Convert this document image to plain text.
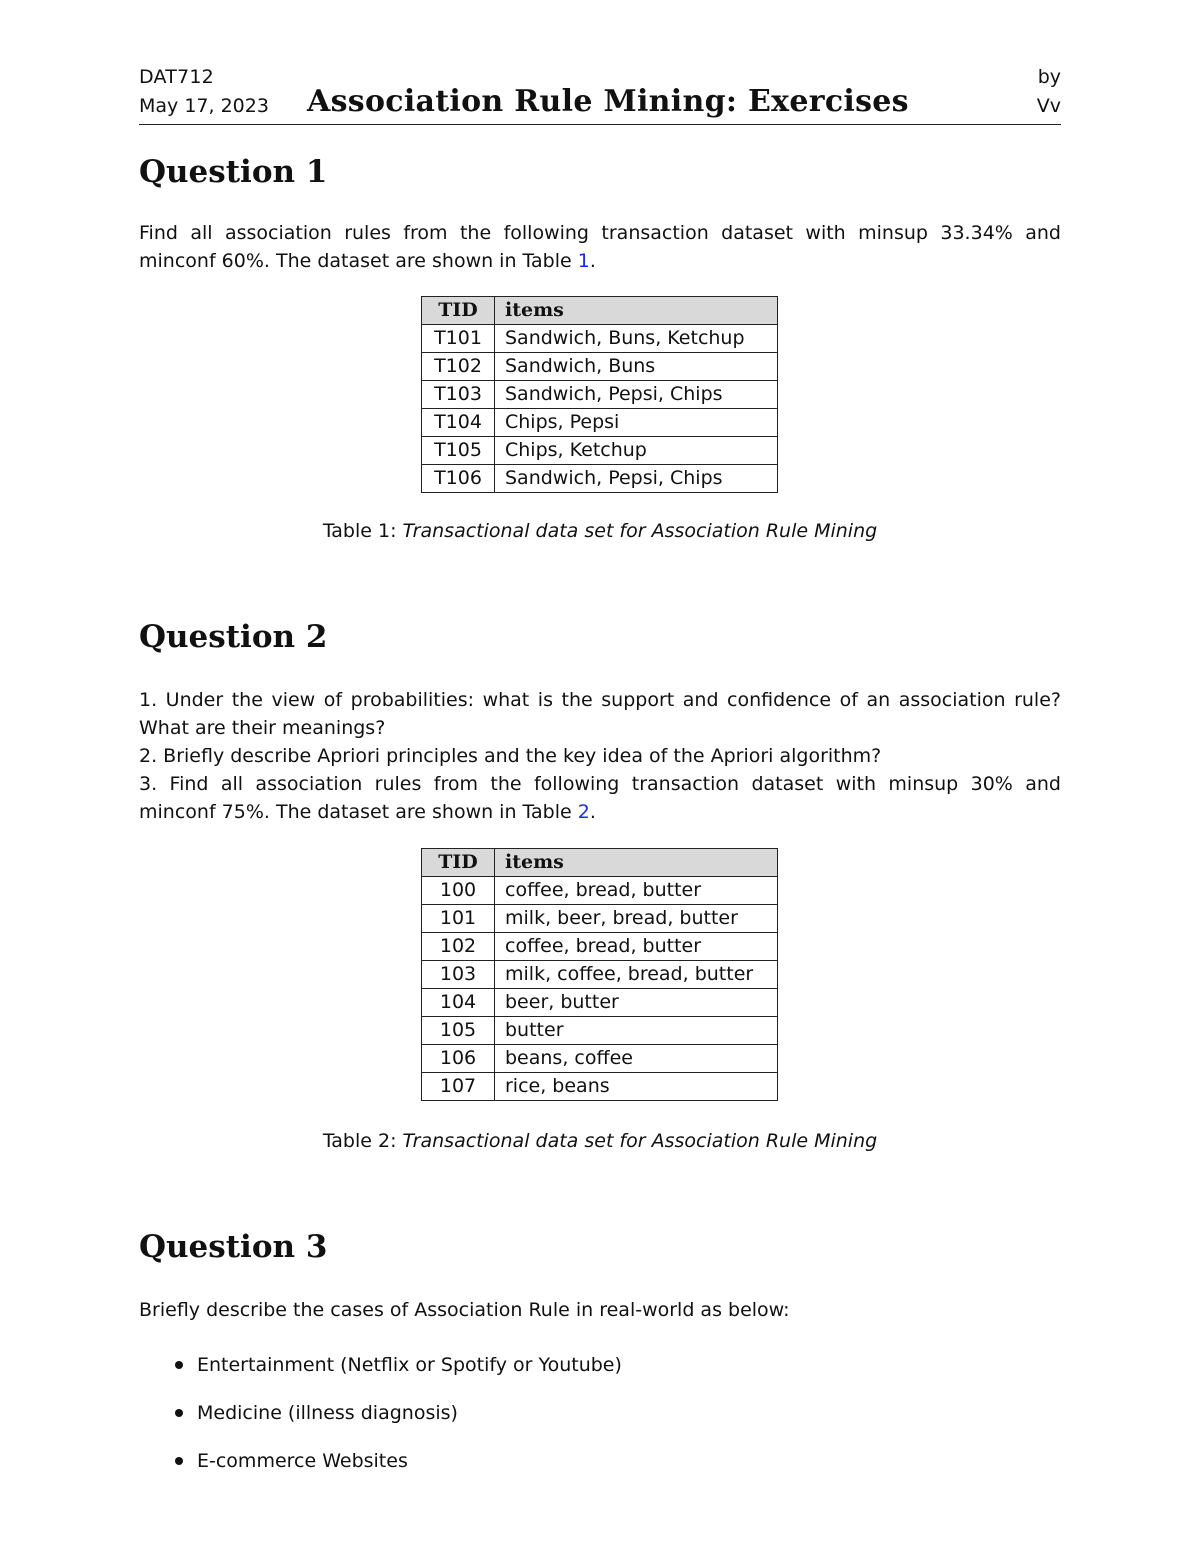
DAT712
May 17, 2023 Association Rule Mining: Exercises
by
Vv
Question 1
Find all association rules from the following transaction dataset with minsup 33.34% and minconf 60%. The dataset are shown in Table 1.
TID	items
T101	Sandwich, Buns, Ketchup
T102	Sandwich, Buns
T103	Sandwich, Pepsi, Chips
T104	Chips, Pepsi
T105	Chips, Ketchup
T106	Sandwich, Pepsi, Chips
Table 1: Transactional data set for Association Rule Mining
Question 2
1. Under the view of probabilities: what is the support and confidence of an association rule? What are their meanings?
2. Briefly describe Apriori principles and the key idea of the Apriori algorithm?
3. Find all association rules from the following transaction dataset with minsup 30% and minconf 75%. The dataset are shown in Table 2.
TID	items
100	coffee, bread, butter
101	milk, beer, bread, butter
102	coffee, bread, butter
103	milk, coffee, bread, butter
104	beer, butter
105	butter
106	beans, coffee
107	rice, beans
Table 2: Transactional data set for Association Rule Mining
Question 3
Briefly describe the cases of Association Rule in real-world as below:
Entertainment (Netflix or Spotify or Youtube)
Medicine (illness diagnosis)
E-commerce Websites
